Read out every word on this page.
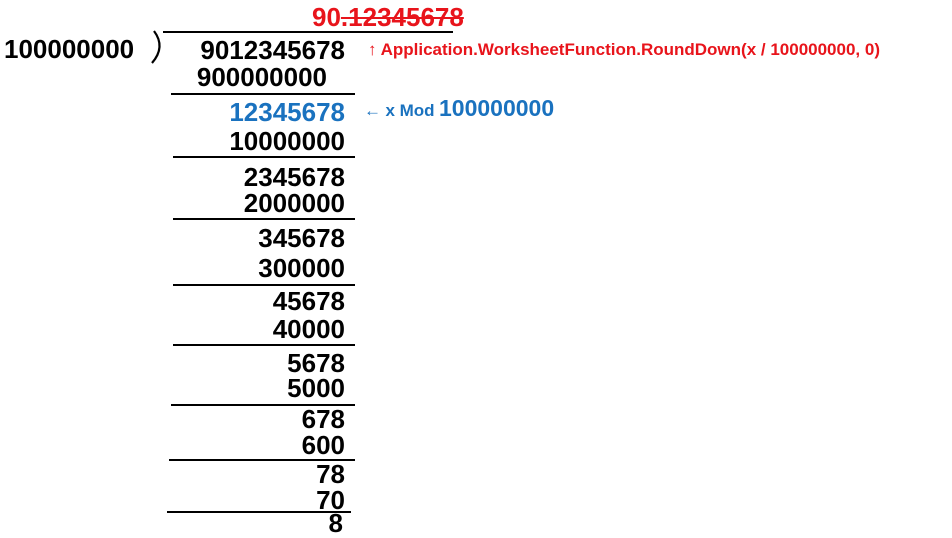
90.12345678
100000000	9012345678
900000000
12345678
10000000
2345678
2000000
345678
300000
45678
40000
5678
5000
678
600
78
70
8
↑ Application.WorksheetFunction.RoundDown(x / 100000000, 0)
← x Mod 100000000
